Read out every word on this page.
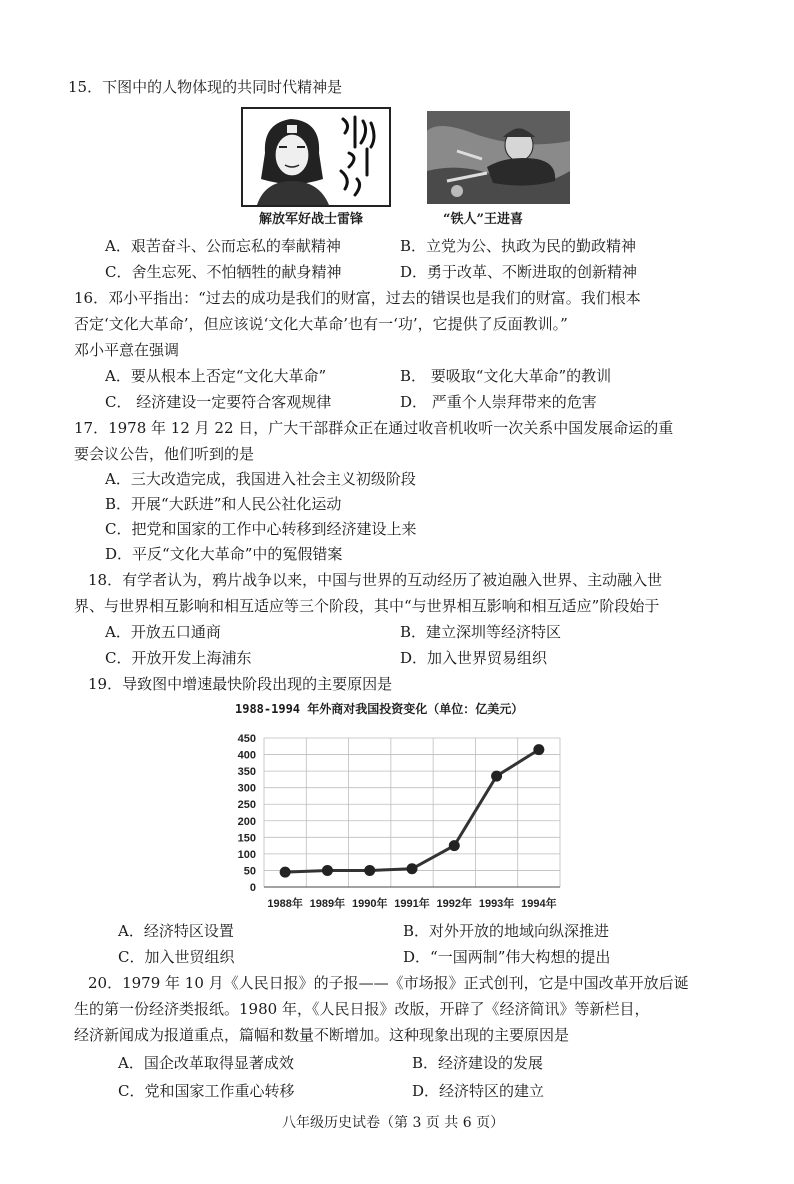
15．下图中的人物体现的共同时代精神是
解放军好战士雷锋	“铁人”王进喜
A．艰苦奋斗、公而忘私的奉献精神	B．立党为公、执政为民的勤政精神
C．舍生忘死、不怕牺牲的献身精神	D．勇于改革、不断进取的创新精神
16．邓小平指出：“过去的成功是我们的财富，过去的错误也是我们的财富。我们根本
否定‘文化大革命’，但应该说‘文化大革命’也有一‘功’，它提供了反面教训。”
邓小平意在强调
A．要从根本上否定“文化大革命”	B． 要吸取“文化大革命”的教训
C． 经济建设一定要符合客观规律	D． 严重个人崇拜带来的危害
17．1978 年 12 月 22 日，广大干部群众正在通过收音机收听一次关系中国发展命运的重
要会议公告，他们听到的是
A．三大改造完成，我国进入社会主义初级阶段
B．开展“大跃进”和人民公社化运动
C．把党和国家的工作中心转移到经济建设上来
D．平反“文化大革命”中的冤假错案
18．有学者认为，鸦片战争以来，中国与世界的互动经历了被迫融入世界、主动融入世
界、与世界相互影响和相互适应等三个阶段，其中“与世界相互影响和相互适应”阶段始于
A．开放五口通商	B．建立深圳等经济特区
C．开放开发上海浦东	D．加入世界贸易组织
19．导致图中增速最快阶段出现的主要原因是
1988-1994 年外商对我国投资变化（单位：亿美元）
0
50
100
150
200
250
300
350
400
450
1988年 1989年 1990年 1991年 1992年 1993年 1994年
A．经济特区设置	B．对外开放的地域向纵深推进
C．加入世贸组织	D．“一国两制”伟大构想的提出
20．1979 年 10 月《人民日报》的子报——《市场报》正式创刊，它是中国改革开放后诞
生的第一份经济类报纸。1980 年，《人民日报》改版，开辟了《经济简讯》等新栏目，
经济新闻成为报道重点，篇幅和数量不断增加。这种现象出现的主要原因是
A．国企改革取得显著成效	B．经济建设的发展
C．党和国家工作重心转移	D．经济特区的建立
八年级历史试卷（第 3 页 共 6 页）
